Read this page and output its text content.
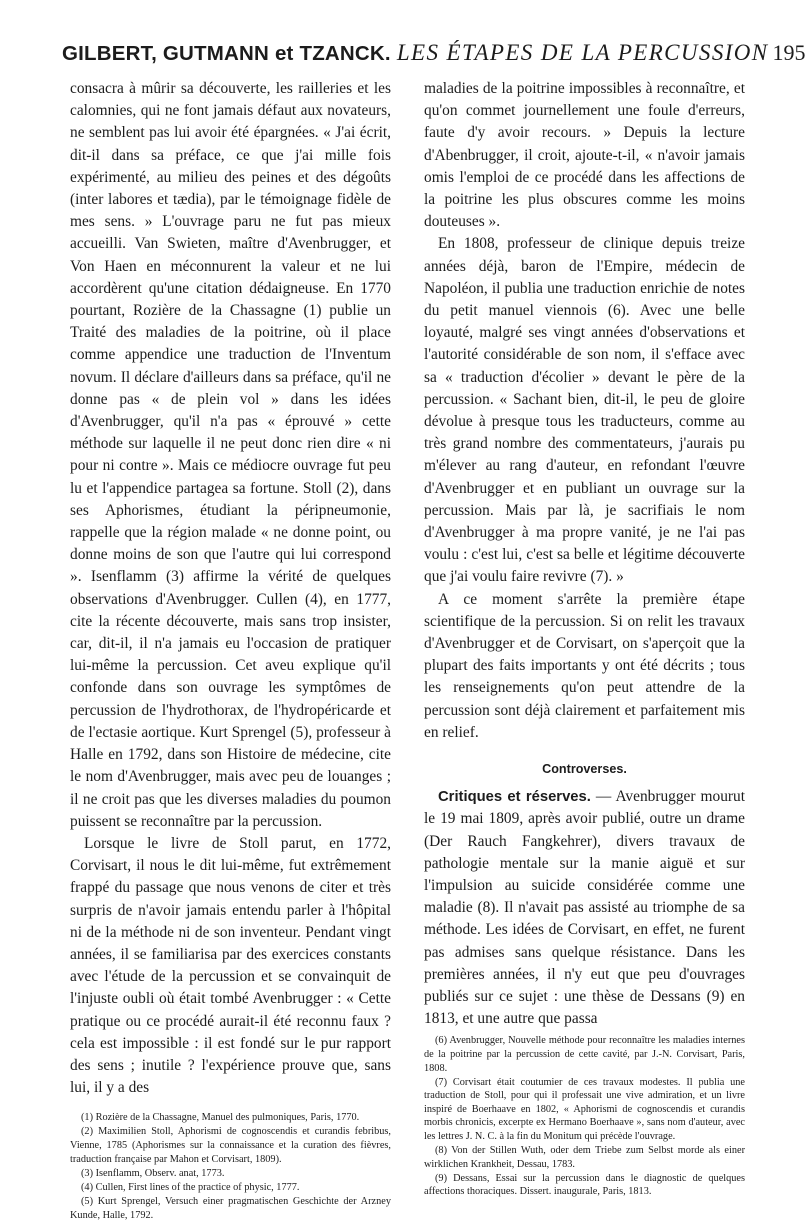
GILBERT, GUTMANN et TZANCK. LES ÉTAPES DE LA PERCUSSION 195

consacra à mûrir sa découverte, les railleries et les calomnies, qui ne font jamais défaut aux novateurs, ne semblent pas lui avoir été épargnées. « J'ai écrit, dit-il dans sa préface, ce que j'ai mille fois expérimenté, au milieu des peines et des dégoûts (inter labores et tædia), par le témoignage fidèle de mes sens. » L'ouvrage paru ne fut pas mieux accueilli. Van Swieten, maître d'Avenbrugger, et Von Haen en méconnurent la valeur et ne lui accordèrent qu'une citation dédaigneuse. En 1770 pourtant, Rozière de la Chassagne (1) publie un Traité des maladies de la poitrine, où il place comme appendice une traduction de l'Inventum novum. Il déclare d'ailleurs dans sa préface, qu'il ne donne pas « de plein vol » dans les idées d'Avenbrugger, qu'il n'a pas « éprouvé » cette méthode sur laquelle il ne peut donc rien dire « ni pour ni contre ». Mais ce médiocre ouvrage fut peu lu et l'appendice partagea sa fortune. Stoll (2), dans ses Aphorismes, étudiant la péripneumonie, rappelle que la région malade « ne donne point, ou donne moins de son que l'autre qui lui correspond ». Isenflamm (3) affirme la vérité de quelques observations d'Avenbrugger. Cullen (4), en 1777, cite la récente découverte, mais sans trop insister, car, dit-il, il n'a jamais eu l'occasion de pratiquer lui-même la percussion. Cet aveu explique qu'il confonde dans son ouvrage les symptômes de percussion de l'hydrothorax, de l'hydropéricarde et de l'ectasie aortique. Kurt Sprengel (5), professeur à Halle en 1792, dans son Histoire de médecine, cite le nom d'Avenbrugger, mais avec peu de louanges ; il ne croit pas que les diverses maladies du poumon puissent se reconnaître par la percussion.

Lorsque le livre de Stoll parut, en 1772, Corvisart, il nous le dit lui-même, fut extrêmement frappé du passage que nous venons de citer et très surpris de n'avoir jamais entendu parler à l'hôpital ni de la méthode ni de son inventeur. Pendant vingt années, il se familiarisa par des exercices constants avec l'étude de la percussion et se convainquit de l'injuste oubli où était tombé Avenbrugger : « Cette pratique ou ce procédé aurait-il été reconnu faux ? cela est impossible : il est fondé sur le pur rapport des sens ; inutile ? l'expérience prouve que, sans lui, il y a des

(1) Rozière de la Chassagne, Manuel des pulmoniques, Paris, 1770.

(2) Maximilien Stoll, Aphorismi de cognoscendis et curandis febribus, Vienne, 1785 (Aphorismes sur la connaissance et la curation des fièvres, traduction française par Mahon et Corvisart, 1809).

(3) Isenflamm, Observ. anat, 1773.

(4) Cullen, First lines of the practice of physic, 1777.

(5) Kurt Sprengel, Versuch einer pragmatischen Geschichte der Arzney Kunde, Halle, 1792.

maladies de la poitrine impossibles à reconnaître, et qu'on commet journellement une foule d'erreurs, faute d'y avoir recours. » Depuis la lecture d'Abenbrugger, il croit, ajoute-t-il, « n'avoir jamais omis l'emploi de ce procédé dans les affections de la poitrine les plus obscures comme les moins douteuses ».

En 1808, professeur de clinique depuis treize années déjà, baron de l'Empire, médecin de Napoléon, il publia une traduction enrichie de notes du petit manuel viennois (6). Avec une belle loyauté, malgré ses vingt années d'observations et l'autorité considérable de son nom, il s'efface avec sa « traduction d'écolier » devant le père de la percussion. « Sachant bien, dit-il, le peu de gloire dévolue à presque tous les traducteurs, comme au très grand nombre des commentateurs, j'aurais pu m'élever au rang d'auteur, en refondant l'œuvre d'Avenbrugger et en publiant un ouvrage sur la percussion. Mais par là, je sacrifiais le nom d'Avenbrugger à ma propre vanité, je ne l'ai pas voulu : c'est lui, c'est sa belle et légitime découverte que j'ai voulu faire revivre (7). »

A ce moment s'arrête la première étape scientifique de la percussion. Si on relit les travaux d'Avenbrugger et de Corvisart, on s'aperçoit que la plupart des faits importants y ont été décrits ; tous les renseignements qu'on peut attendre de la percussion sont déjà clairement et parfaitement mis en relief.

Controverses.

Critiques et réserves. — Avenbrugger mourut le 19 mai 1809, après avoir publié, outre un drame (Der Rauch Fangkehrer), divers travaux de pathologie mentale sur la manie aiguë et sur l'impulsion au suicide considérée comme une maladie (8). Il n'avait pas assisté au triomphe de sa méthode. Les idées de Corvisart, en effet, ne furent pas admises sans quelque résistance. Dans les premières années, il n'y eut que peu d'ouvrages publiés sur ce sujet : une thèse de Dessans (9) en 1813, et une autre que passa

(6) Avenbrugger, Nouvelle méthode pour reconnaître les maladies internes de la poitrine par la percussion de cette cavité, par J.-N. Corvisart, Paris, 1808.

(7) Corvisart était coutumier de ces travaux modestes. Il publia une traduction de Stoll, pour qui il professait une vive admiration, et un livre inspiré de Boerhaave en 1802, « Aphorismi de cognoscendis et curandis morbis chronicis, excerpte ex Hermano Boerhaave », sans nom d'auteur, avec les lettres J. N. C. à la fin du Monitum qui précède l'ouvrage.

(8) Von der Stillen Wuth, oder dem Triebe zum Selbst morde als einer wirklichen Krankheit, Dessau, 1783.

(9) Dessans, Essai sur la percussion dans le diagnostic de quelques affections thoraciques. Dissert. inaugurale, Paris, 1813.
